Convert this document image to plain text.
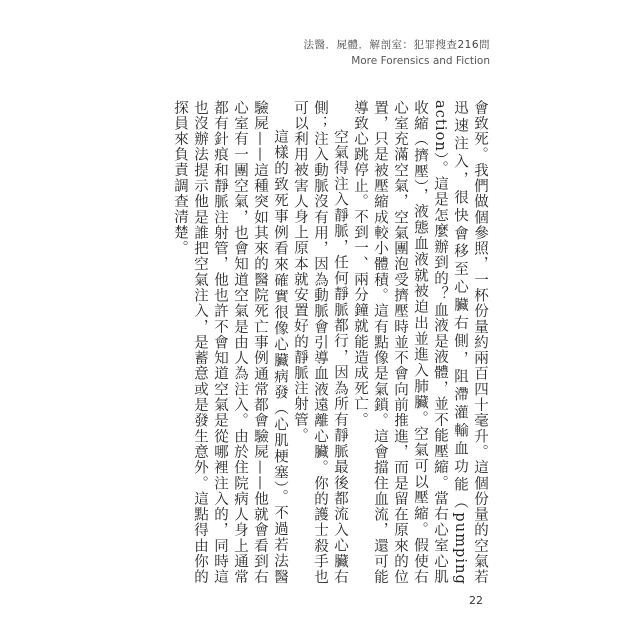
法醫．屍體．解剖室：犯罪搜查216問
More Forensics and Fiction

會致死。我們做個參照，一杯份量約兩百四十毫升。這個份量的空氣若迅速注入，很快會移至心臟右側，阻滯灌輸血功能（pumping action）。這是怎麼辦到的？血液是液體，並不能壓縮。當右心室心肌收縮（擠壓），液態血液就被迫出並進入肺臟。空氣可以壓縮。假使右心室充滿空氣，空氣團泡受擠壓時並不會向前推進，而是留在原來的位置，只是被壓縮成較小體積。這有點像是氣鎖。這會擋住血流，還可能導致心跳停止。不到一、兩分鐘就能造成死亡。

空氣得注入靜脈，任何靜脈都行，因為所有靜脈最後都流入心臟右側；注入動脈沒有用，因為動脈會引導血液遠離心臟。你的護士殺手也可以利用被害人身上原本就安置好的靜脈注射管。

這樣的致死事例看來確實很像心臟病發（心肌梗塞）。不過若法醫驗屍——這種突如其來的醫院死亡事例通常都會驗屍——他就會看到右心室有一團空氣，也會知道空氣是由人為注入。由於住院病人身上通常都有針痕和靜脈注射管，他也許不會知道空氣是從哪裡注入的，同時這也沒辦法提示他是誰把空氣注入，是蓄意或是發生意外。這點得由你的探員來負責調查清楚。

22
